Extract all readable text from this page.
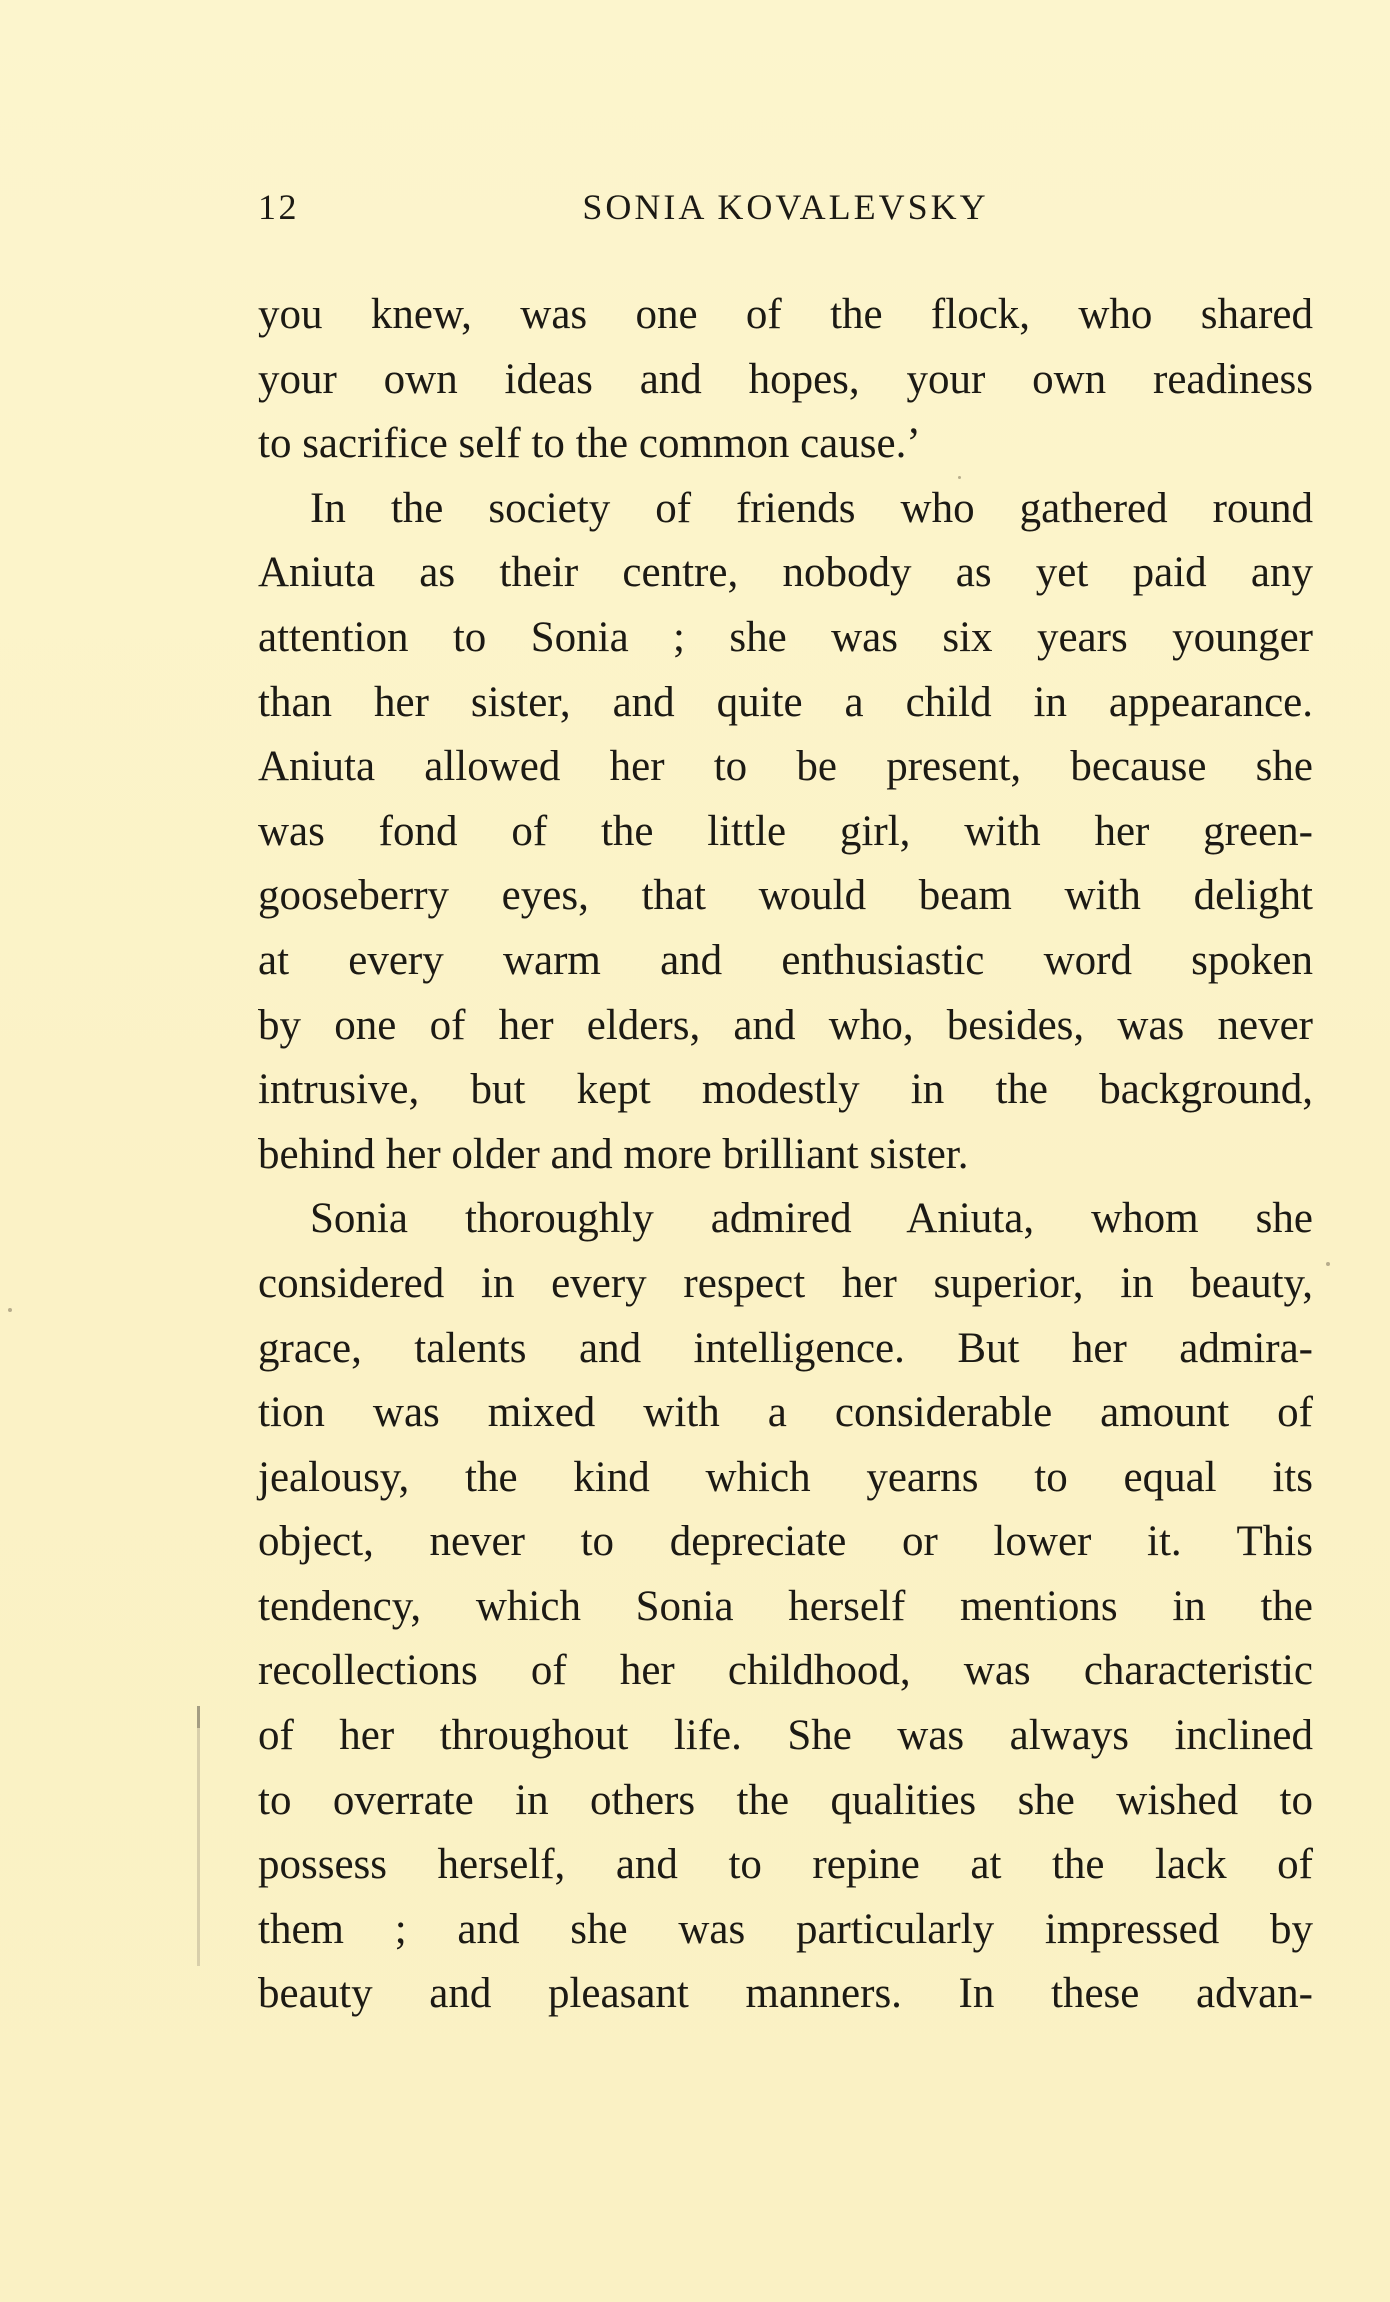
12	SONIA KOVALEVSKY
you knew, was one of the flock, who shared
your own ideas and hopes, your own readiness
to sacrifice self to the common cause.’
In the society of friends who gathered round
Aniuta as their centre, nobody as yet paid any
attention to Sonia ; she was six years younger
than her sister, and quite a child in appearance.
Aniuta allowed her to be present, because she
was fond of the little girl, with her green-
gooseberry eyes, that would beam with delight
at every warm and enthusiastic word spoken
by one of her elders, and who, besides, was never
intrusive, but kept modestly in the background,
behind her older and more brilliant sister.
Sonia thoroughly admired Aniuta, whom she
considered in every respect her superior, in beauty,
grace, talents and intelligence. But her admira-
tion was mixed with a considerable amount of
jealousy, the kind which yearns to equal its
object, never to depreciate or lower it. This
tendency, which Sonia herself mentions in the
recollections of her childhood, was characteristic
of her throughout life. She was always inclined
to overrate in others the qualities she wished to
possess herself, and to repine at the lack of
them ; and she was particularly impressed by
beauty and pleasant manners. In these advan-
